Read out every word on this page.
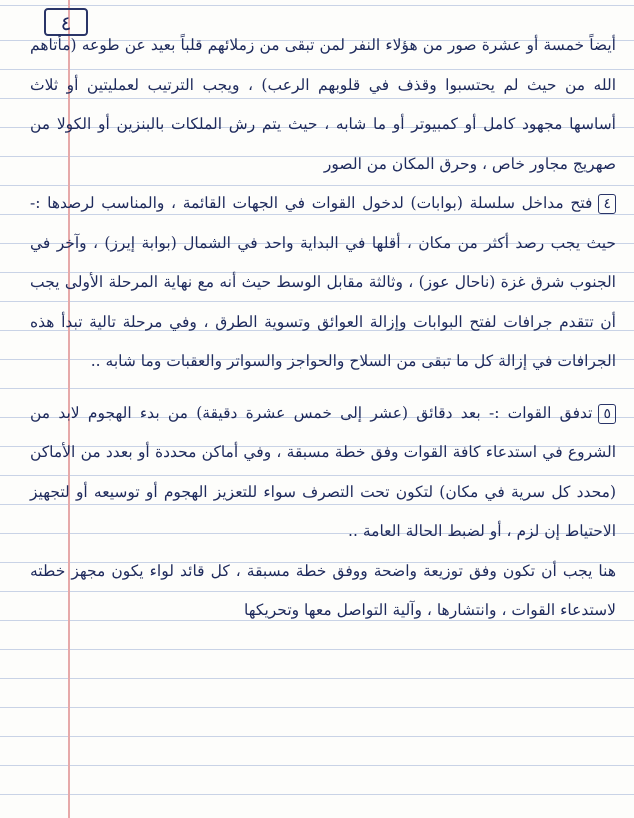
٤

أيضاً خمسة أو عشرة صور من هؤلاء النفر لمن تبقى من زملائهم قلباً بعيد عن طوعه (مأتاهم الله من حيث لم يحتسبوا وقذف في قلوبهم الرعب) ، ويجب الترتيب لعمليتين أو ثلاث أساسها مجهود كامل أو كمبيوتر أو ما شابه ، حيث يتم رش الملكات بالبنزين أو الكولا من صهريج مجاور خاص ، وحرق المكان من الصور

٤فتح مداخل سلسلة (بوابات) لدخول القوات في الجهات القائمة ، والمناسب لرصدها :- حيث يجب رصد أكثر من مكان ، أقلها في البداية واحد في الشمال (بوابة إيرز) ، وآخر في الجنوب شرق غزة (ناحال عوز) ، وثالثة مقابل الوسط حيث أنه مع نهاية المرحلة الأولى يجب أن تتقدم جرافات لفتح البوابات وإزالة العوائق وتسوية الطرق ، وفي مرحلة تالية تبدأ هذه الجرافات في إزالة كل ما تبقى من السلاح والحواجز والسواتر والعقبات وما شابه ..

٥تدفق القوات :- بعد دقائق (عشر إلى خمس عشرة دقيقة) من بدء الهجوم لابد من الشروع في استدعاء كافة القوات وفق خطة مسبقة ، وفي أماكن محددة أو بعدد من الأماكن (محدد كل سرية في مكان) لتكون تحت التصرف سواء للتعزيز الهجوم أو توسيعه أو لتجهيز الاحتياط إن لزم ، أو لضبط الحالة العامة ..

هنا يجب أن تكون وفق توزيعة واضحة ووفق خطة مسبقة ، كل قائد لواء يكون مجهز خطته لاستدعاء القوات ، وانتشارها ، وآلية التواصل معها وتحريكها
